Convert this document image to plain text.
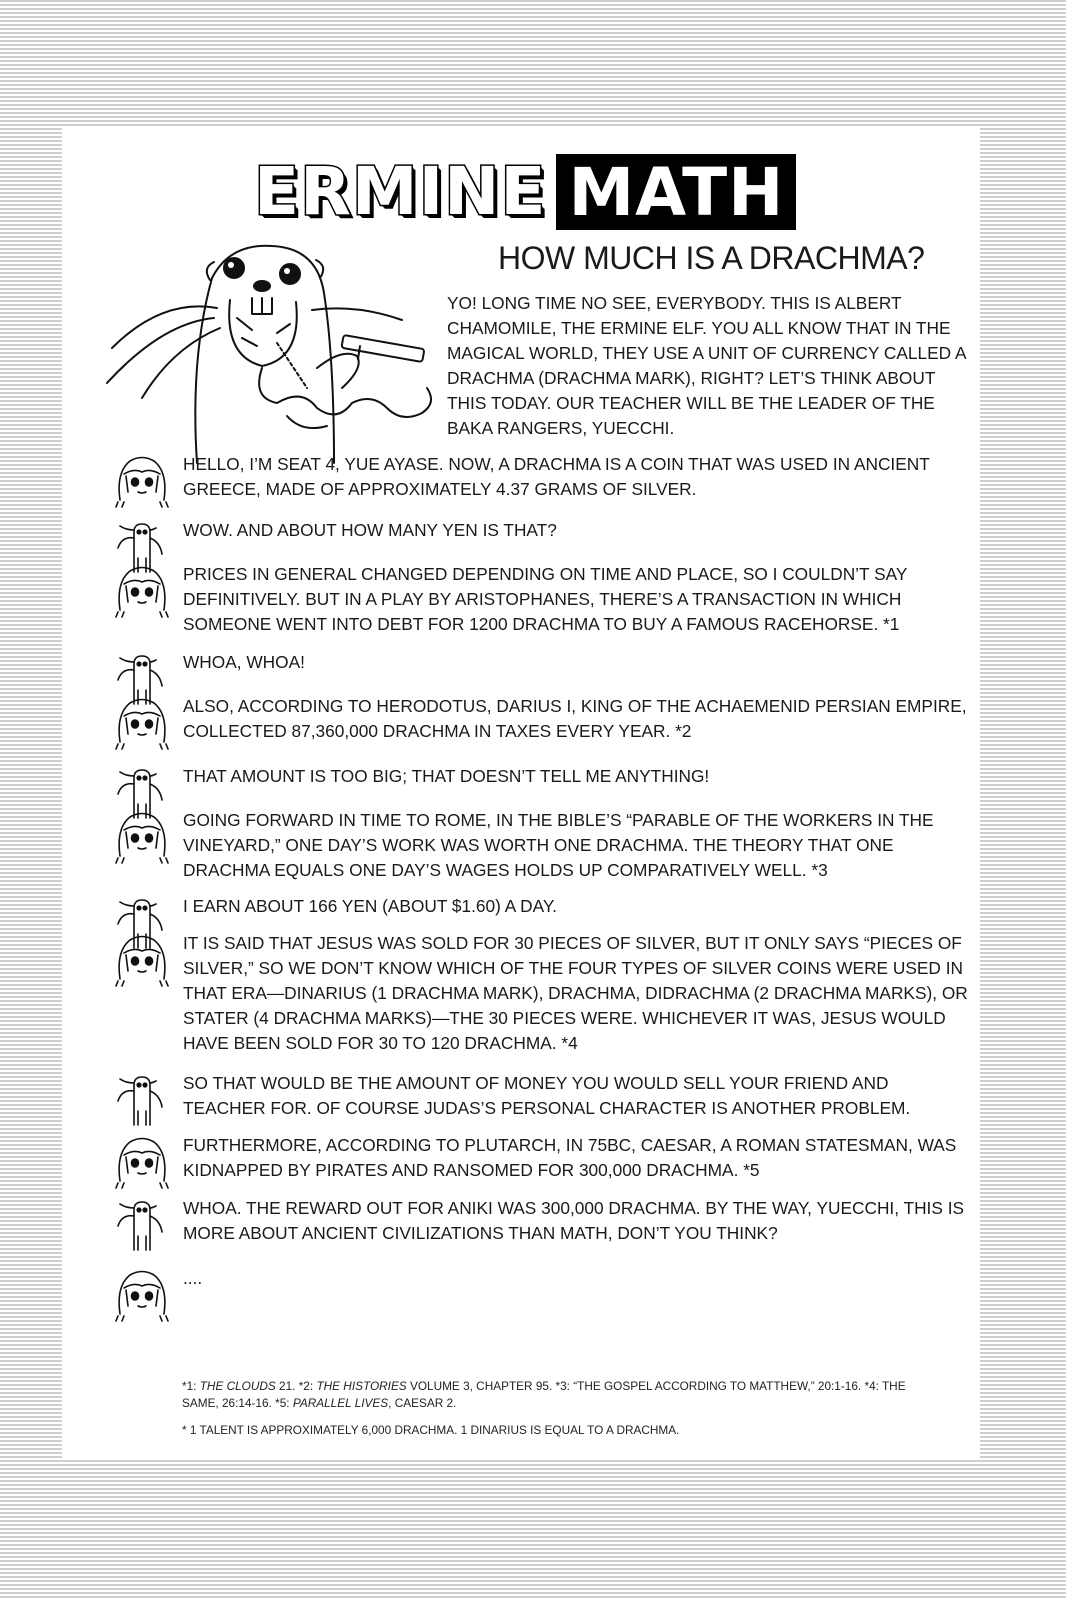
ERMINE MATH
HOW MUCH IS A DRACHMA?
YO! LONG TIME NO SEE, EVERYBODY. THIS IS ALBERT CHAMOMILE, THE ERMINE ELF. YOU ALL KNOW THAT IN THE MAGICAL WORLD, THEY USE A UNIT OF CURRENCY CALLED A DRACHMA (DRACHMA MARK), RIGHT? LET’S THINK ABOUT THIS TODAY. OUR TEACHER WILL BE THE LEADER OF THE BAKA RANGERS, YUECCHI.
HELLO, I’M SEAT 4, YUE AYASE. NOW, A DRACHMA IS A COIN THAT WAS USED IN ANCIENT GREECE, MADE OF APPROXIMATELY 4.37 GRAMS OF SILVER.
WOW. AND ABOUT HOW MANY YEN IS THAT?
PRICES IN GENERAL CHANGED DEPENDING ON TIME AND PLACE, SO I COULDN’T SAY DEFINITIVELY. BUT IN A PLAY BY ARISTOPHANES, THERE’S A TRANSACTION IN WHICH SOMEONE WENT INTO DEBT FOR 1200 DRACHMA TO BUY A FAMOUS RACEHORSE. *1
WHOA, WHOA!
ALSO, ACCORDING TO HERODOTUS, DARIUS I, KING OF THE ACHAEMENID PERSIAN EMPIRE, COLLECTED 87,360,000 DRACHMA IN TAXES EVERY YEAR. *2
THAT AMOUNT IS TOO BIG; THAT DOESN’T TELL ME ANYTHING!
GOING FORWARD IN TIME TO ROME, IN THE BIBLE’S “PARABLE OF THE WORKERS IN THE VINEYARD,” ONE DAY’S WORK WAS WORTH ONE DRACHMA. THE THEORY THAT ONE DRACHMA EQUALS ONE DAY’S WAGES HOLDS UP COMPARATIVELY WELL. *3
I EARN ABOUT 166 YEN (ABOUT $1.60) A DAY.
IT IS SAID THAT JESUS WAS SOLD FOR 30 PIECES OF SILVER, BUT IT ONLY SAYS “PIECES OF SILVER,” SO WE DON’T KNOW WHICH OF THE FOUR TYPES OF SILVER COINS WERE USED IN THAT ERA—DINARIUS (1 DRACHMA MARK), DRACHMA, DIDRACHMA (2 DRACHMA MARKS), OR STATER (4 DRACHMA MARKS)—THE 30 PIECES WERE. WHICHEVER IT WAS, JESUS WOULD HAVE BEEN SOLD FOR 30 TO 120 DRACHMA. *4
SO THAT WOULD BE THE AMOUNT OF MONEY YOU WOULD SELL YOUR FRIEND AND TEACHER FOR. OF COURSE JUDAS’S PERSONAL CHARACTER IS ANOTHER PROBLEM.
FURTHERMORE, ACCORDING TO PLUTARCH, IN 75BC, CAESAR, A ROMAN STATESMAN, WAS KIDNAPPED BY PIRATES AND RANSOMED FOR 300,000 DRACHMA. *5
WHOA. THE REWARD OUT FOR ANIKI WAS 300,000 DRACHMA. BY THE WAY, YUECCHI, THIS IS MORE ABOUT ANCIENT CIVILIZATIONS THAN MATH, DON’T YOU THINK?
....
*1: THE CLOUDS 21. *2: THE HISTORIES VOLUME 3, CHAPTER 95. *3: “THE GOSPEL ACCORDING TO MATTHEW,” 20:1-16. *4: THE SAME, 26:14-16. *5: PARALLEL LIVES, CAESAR 2.
* 1 TALENT IS APPROXIMATELY 6,000 DRACHMA. 1 DINARIUS IS EQUAL TO A DRACHMA.
